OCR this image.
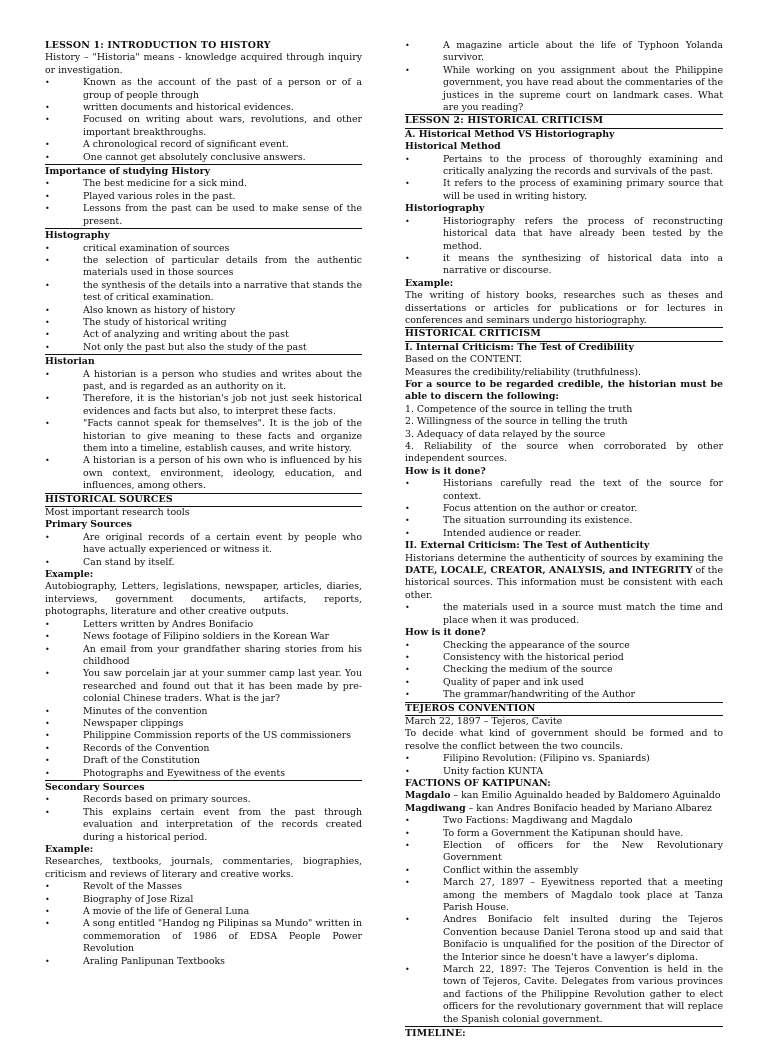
LESSON 1: INTRODUCTION TO HISTORY

History – "Historia" means - knowledge acquired through inquiry or investigation.

•	Known as the account of the past of a person or of a group of people through
•	written documents and historical evidences.
•	Focused on writing about wars, revolutions, and other important breakthroughs.
•	A chronological record of significant event.
•	One cannot get absolutely conclusive answers.

Importance of studying History

•	The best medicine for a sick mind.
•	Played various roles in the past.
•	Lessons from the past can be used to make sense of the present.

Histography

•	critical examination of sources
•	the selection of particular details from the authentic materials used in those sources
•	the synthesis of the details into a narrative that stands the test of critical examination.
•	Also known as history of history
•	The study of historical writing
•	Act of analyzing and writing about the past
•	Not only the past but also the study of the past

Historian

•	A historian is a person who studies and writes about the past, and is regarded as an authority on it.
•	Therefore, it is the historian's job not just seek historical evidences and facts but also, to interpret these facts.
•	"Facts cannot speak for themselves". It is the job of the historian to give meaning to these facts and organize them into a timeline, establish causes, and write history.
•	A historian is a person of his own who is influenced by his own context, environment, ideology, education, and influences, among others.

HISTORICAL SOURCES

Most important research tools

Primary Sources

•	Are original records of a certain event by people who have actually experienced or witness it.
•	Can stand by itself.

Example:

Autobiography, Letters, legislations, newspaper, articles, diaries, interviews, government documents, artifacts, reports, photographs, literature and other creative outputs.

•	Letters written by Andres Bonifacio
•	News footage of Filipino soldiers in the Korean War
•	An email from your grandfather sharing stories from his childhood
•	You saw porcelain jar at your summer camp last year. You researched and found out that it has been made by pre-colonial Chinese traders. What is the jar?
•	Minutes of the convention
•	Newspaper clippings
•	Philippine Commission reports of the US commissioners
•	Records of the Convention
•	Draft of the Constitution
•	Photographs and Eyewitness of the events

Secondary Sources

•	Records based on primary sources.
•	This explains certain event from the past through evaluation and interpretation of the records created during a historical period.

Example:

Researches, textbooks, journals, commentaries, biographies, criticism and reviews of literary and creative works.

•	Revolt of the Masses
•	Biography of Jose Rizal
•	A movie of the life of General Luna
•	A song entitled "Handog ng Pilipinas sa Mundo" written in commemoration of 1986 of EDSA People Power Revolution
•	Araling Panlipunan Textbooks
•	A magazine article about the life of Typhoon Yolanda survivor.
•	While working on you assignment about the Philippine government, you have read about the commentaries of the justices in the supreme court on landmark cases. What are you reading?

LESSON 2: HISTORICAL CRITICISM

A. Historical Method VS Historiography

Historical Method

•	Pertains to the process of thoroughly examining and critically analyzing the records and survivals of the past.
•	It refers to the process of examining primary source that will be used in writing history.

Historiography

•	Historiography refers the process of reconstructing historical data that have already been tested by the method.
•	it means the synthesizing of historical data into a narrative or discourse.

Example:

The writing of history books, researches such as theses and dissertations or articles for publications or for lectures in conferences and seminars undergo historiography.

HISTORICAL CRITICISM

I. Internal Criticism: The Test of Credibility

Based on the CONTENT.

Measures the credibility/reliability (truthfulness).

For a source to be regarded credible, the historian must be able to discern the following:

1. Competence of the source in telling the truth

2. Willingness of the source in telling the truth

3. Adequacy of data relayed by the source

4. Reliability of the source when corroborated by other independent sources.

How is it done?

•	Historians carefully read the text of the source for context.
•	Focus attention on the author or creator.
•	The situation surrounding its existence.
•	Intended audience or reader.

II. External Criticism: The Test of Authenticity

Historians determine the authenticity of sources by examining the DATE, LOCALE, CREATOR, ANALYSIS, and INTEGRITY of the historical sources. This information must be consistent with each other.

•	the materials used in a source must match the time and place when it was produced.

How is it done?

•	Checking the appearance of the source
•	Consistency with the historical period
•	Checking the medium of the source
•	Quality of paper and ink used
•	The grammar/handwriting of the Author

TEJEROS CONVENTION

March 22, 1897 – Tejeros, Cavite

To decide what kind of government should be formed and to resolve the conflict between the two councils.

•	Filipino Revolution: (Filipino vs. Spaniards)
•	Unity faction KUNTA

FACTIONS OF KATIPUNAN:

Magdalo – kan Emilio Aguinaldo headed by Baldomero Aguinaldo

Magdiwang – kan Andres Bonifacio headed by Mariano Albarez

•	Two Factions: Magdiwang and Magdalo
•	To form a Government the Katipunan should have.
•	Election of officers for the New Revolutionary Government
•	Conflict within the assembly
•	March 27, 1897 – Eyewitness reported that a meeting among the members of Magdalo took place at Tanza Parish House.
•	Andres Bonifacio felt insulted during the Tejeros Convention because Daniel Terona stood up and said that Bonifacio is unqualified for the position of the Director of the Interior since he doesn't have a lawyer's diploma.
•	March 22, 1897: The Tejeros Convention is held in the town of Tejeros, Cavite. Delegates from various provinces and factions of the Philippine Revolution gather to elect officers for the revolutionary government that will replace the Spanish colonial government.

TIMELINE:
